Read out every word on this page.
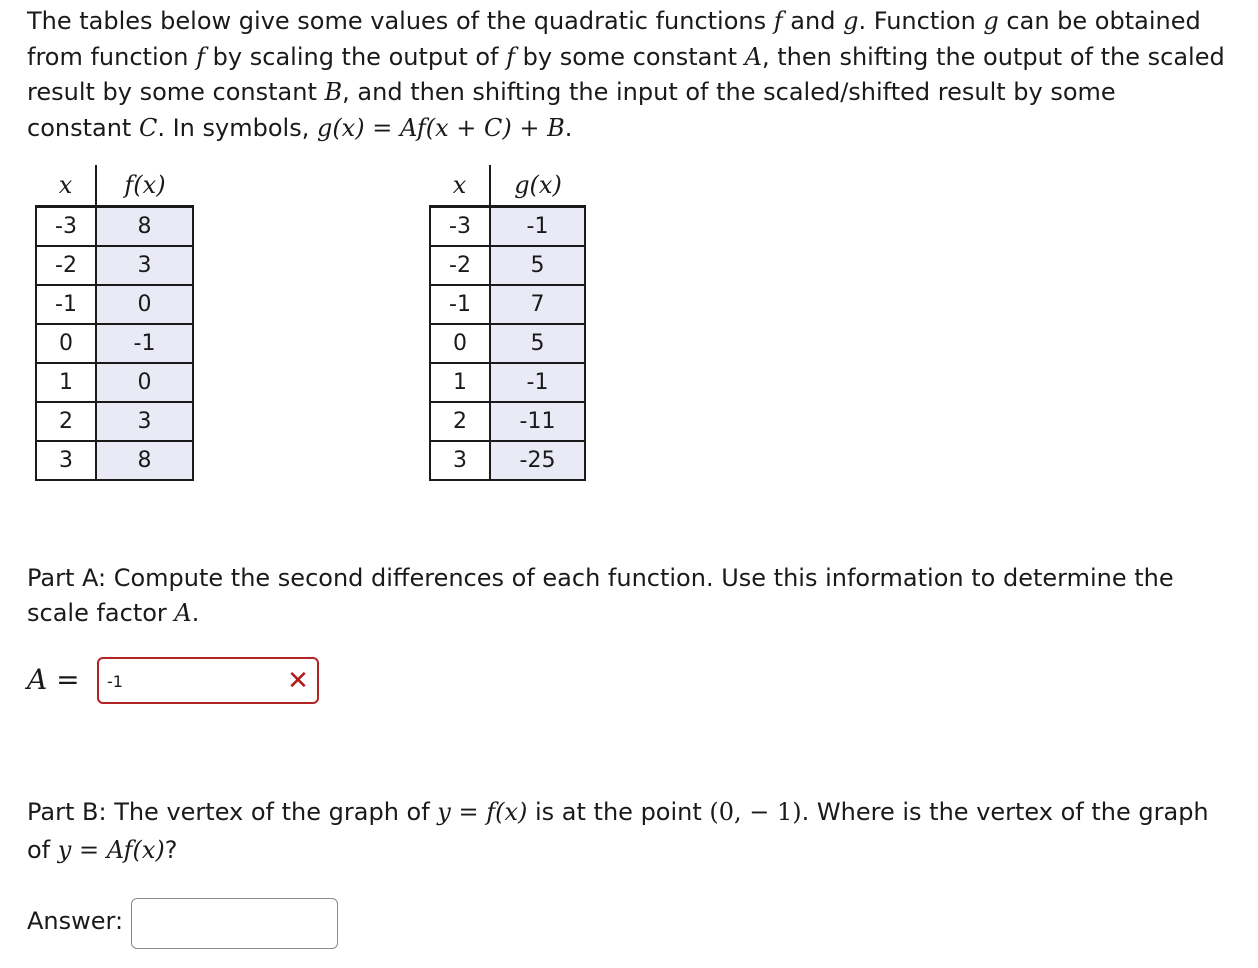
The tables below give some values of the quadratic functions f and g. Function g can be obtained from function f by scaling the output of f by some constant A, then shifting the output of the scaled result by some constant B, and then shifting the input of the scaled/shifted result by some constant C. In symbols, g(x) = Af(x + C) + B.

x	f(x)
-3	8
-2	3
-1	0
0	-1
1	0
2	3
3	8
x	g(x)
-3	-1
-2	5
-1	7
0	5
1	-1
2	-11
3	-25

Part A: Compute the second differences of each function. Use this information to determine the scale factor A.

A =
-1	✕

Part B: The vertex of the graph of y = f(x) is at the point (0, − 1). Where is the vertex of the graph of y = Af(x)?

Answer:
